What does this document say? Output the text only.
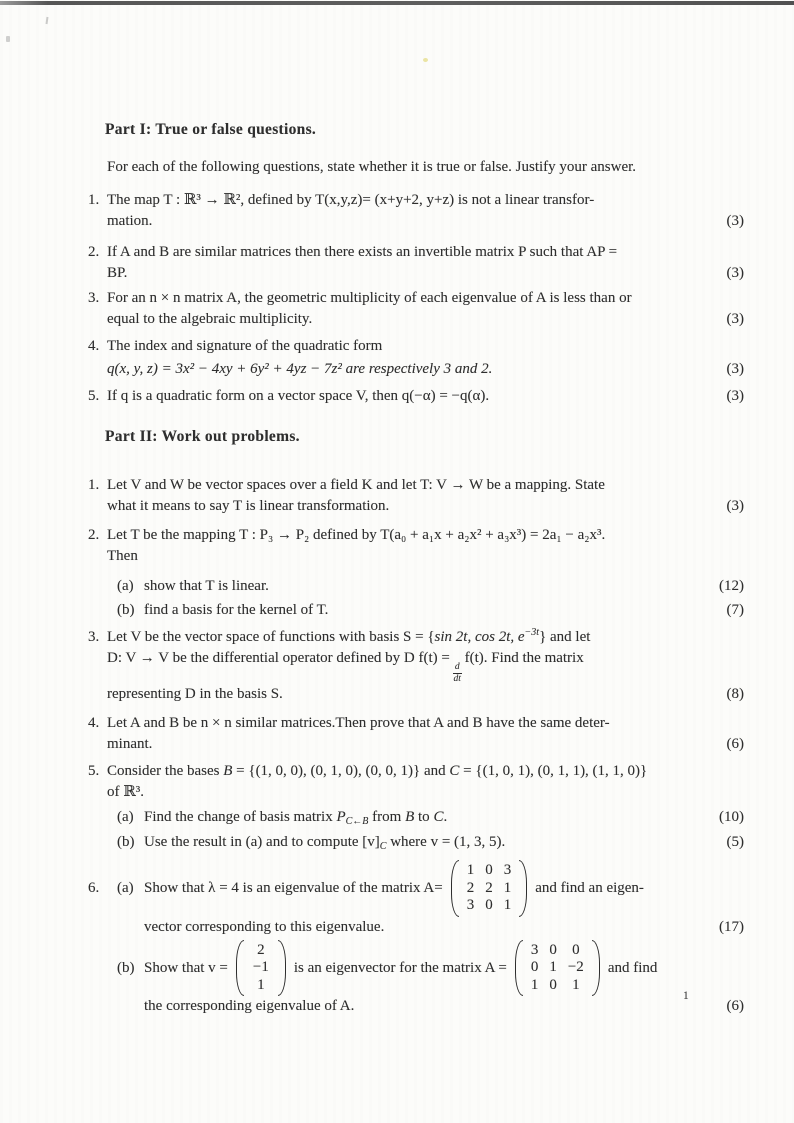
Part I: True or false questions.
For each of the following questions, state whether it is true or false. Justify your answer.
1. The map T : ℝ³ → ℝ², defined by T(x,y,z)= (x+y+2, y+z) is not a linear transfor-
mation.	(3)
2. If A and B are similar matrices then there exists an invertible matrix P such that AP =
BP.	(3)
3. For an n × n matrix A, the geometric multiplicity of each eigenvalue of A is less than or
equal to the algebraic multiplicity.	(3)
4. The index and signature of the quadratic form
q(x, y, z) = 3x² − 4xy + 6y² + 4yz − 7z² are respectively 3 and 2.	(3)
5. If q is a quadratic form on a vector space V, then q(−α) = −q(α).	(3)
Part II: Work out problems.
1. Let V and W be vector spaces over a field K and let T: V → W be a mapping. State
what it means to say T is linear transformation.	(3)
2. Let T be the mapping T : P₃ → P₂ defined by T(a₀ + a₁x + a₂x² + a₃x³) = 2a₁ − a₂x³.
Then
(a) show that T is linear.	(12)
(b) find a basis for the kernel of T.	(7)
3. Let V be the vector space of functions with basis S = {sin 2t, cos 2t, $e^{-3t}$} and let
D: V → V be the differential operator defined by D f(t) =
$\frac{d}{dt}$
f(t). Find the matrix
representing D in the basis S.	(8)
4. Let A and B be n × n similar matrices.Then prove that A and B have the same deter-
minant.	(6)
5. Consider the bases B = {(1, 0, 0), (0, 1, 0), (0, 0, 1)} and C = {(1, 0, 1), (0, 1, 1), (1, 1, 0)}
of ℝ³.
(a) Find the change of basis matrix $P_{C\leftarrow B}$ from B to C.	(10)
(b) Use the result in (a) and to compute $[v]_C$ where v = (1, 3, 5).	(5)
6.	(a) Show that λ = 4 is an eigenvalue of the matrix A=
1 0 3
2 2 1
3 0 1
and find an eigen-
vector corresponding to this eigenvalue.	(17)
(b) Show that v =
2
−1
1
is an eigenvector for the matrix A =
3 0 0
0 1 −2
1 0 1
and find
the corresponding eigenvalue of A.	(6)
1
